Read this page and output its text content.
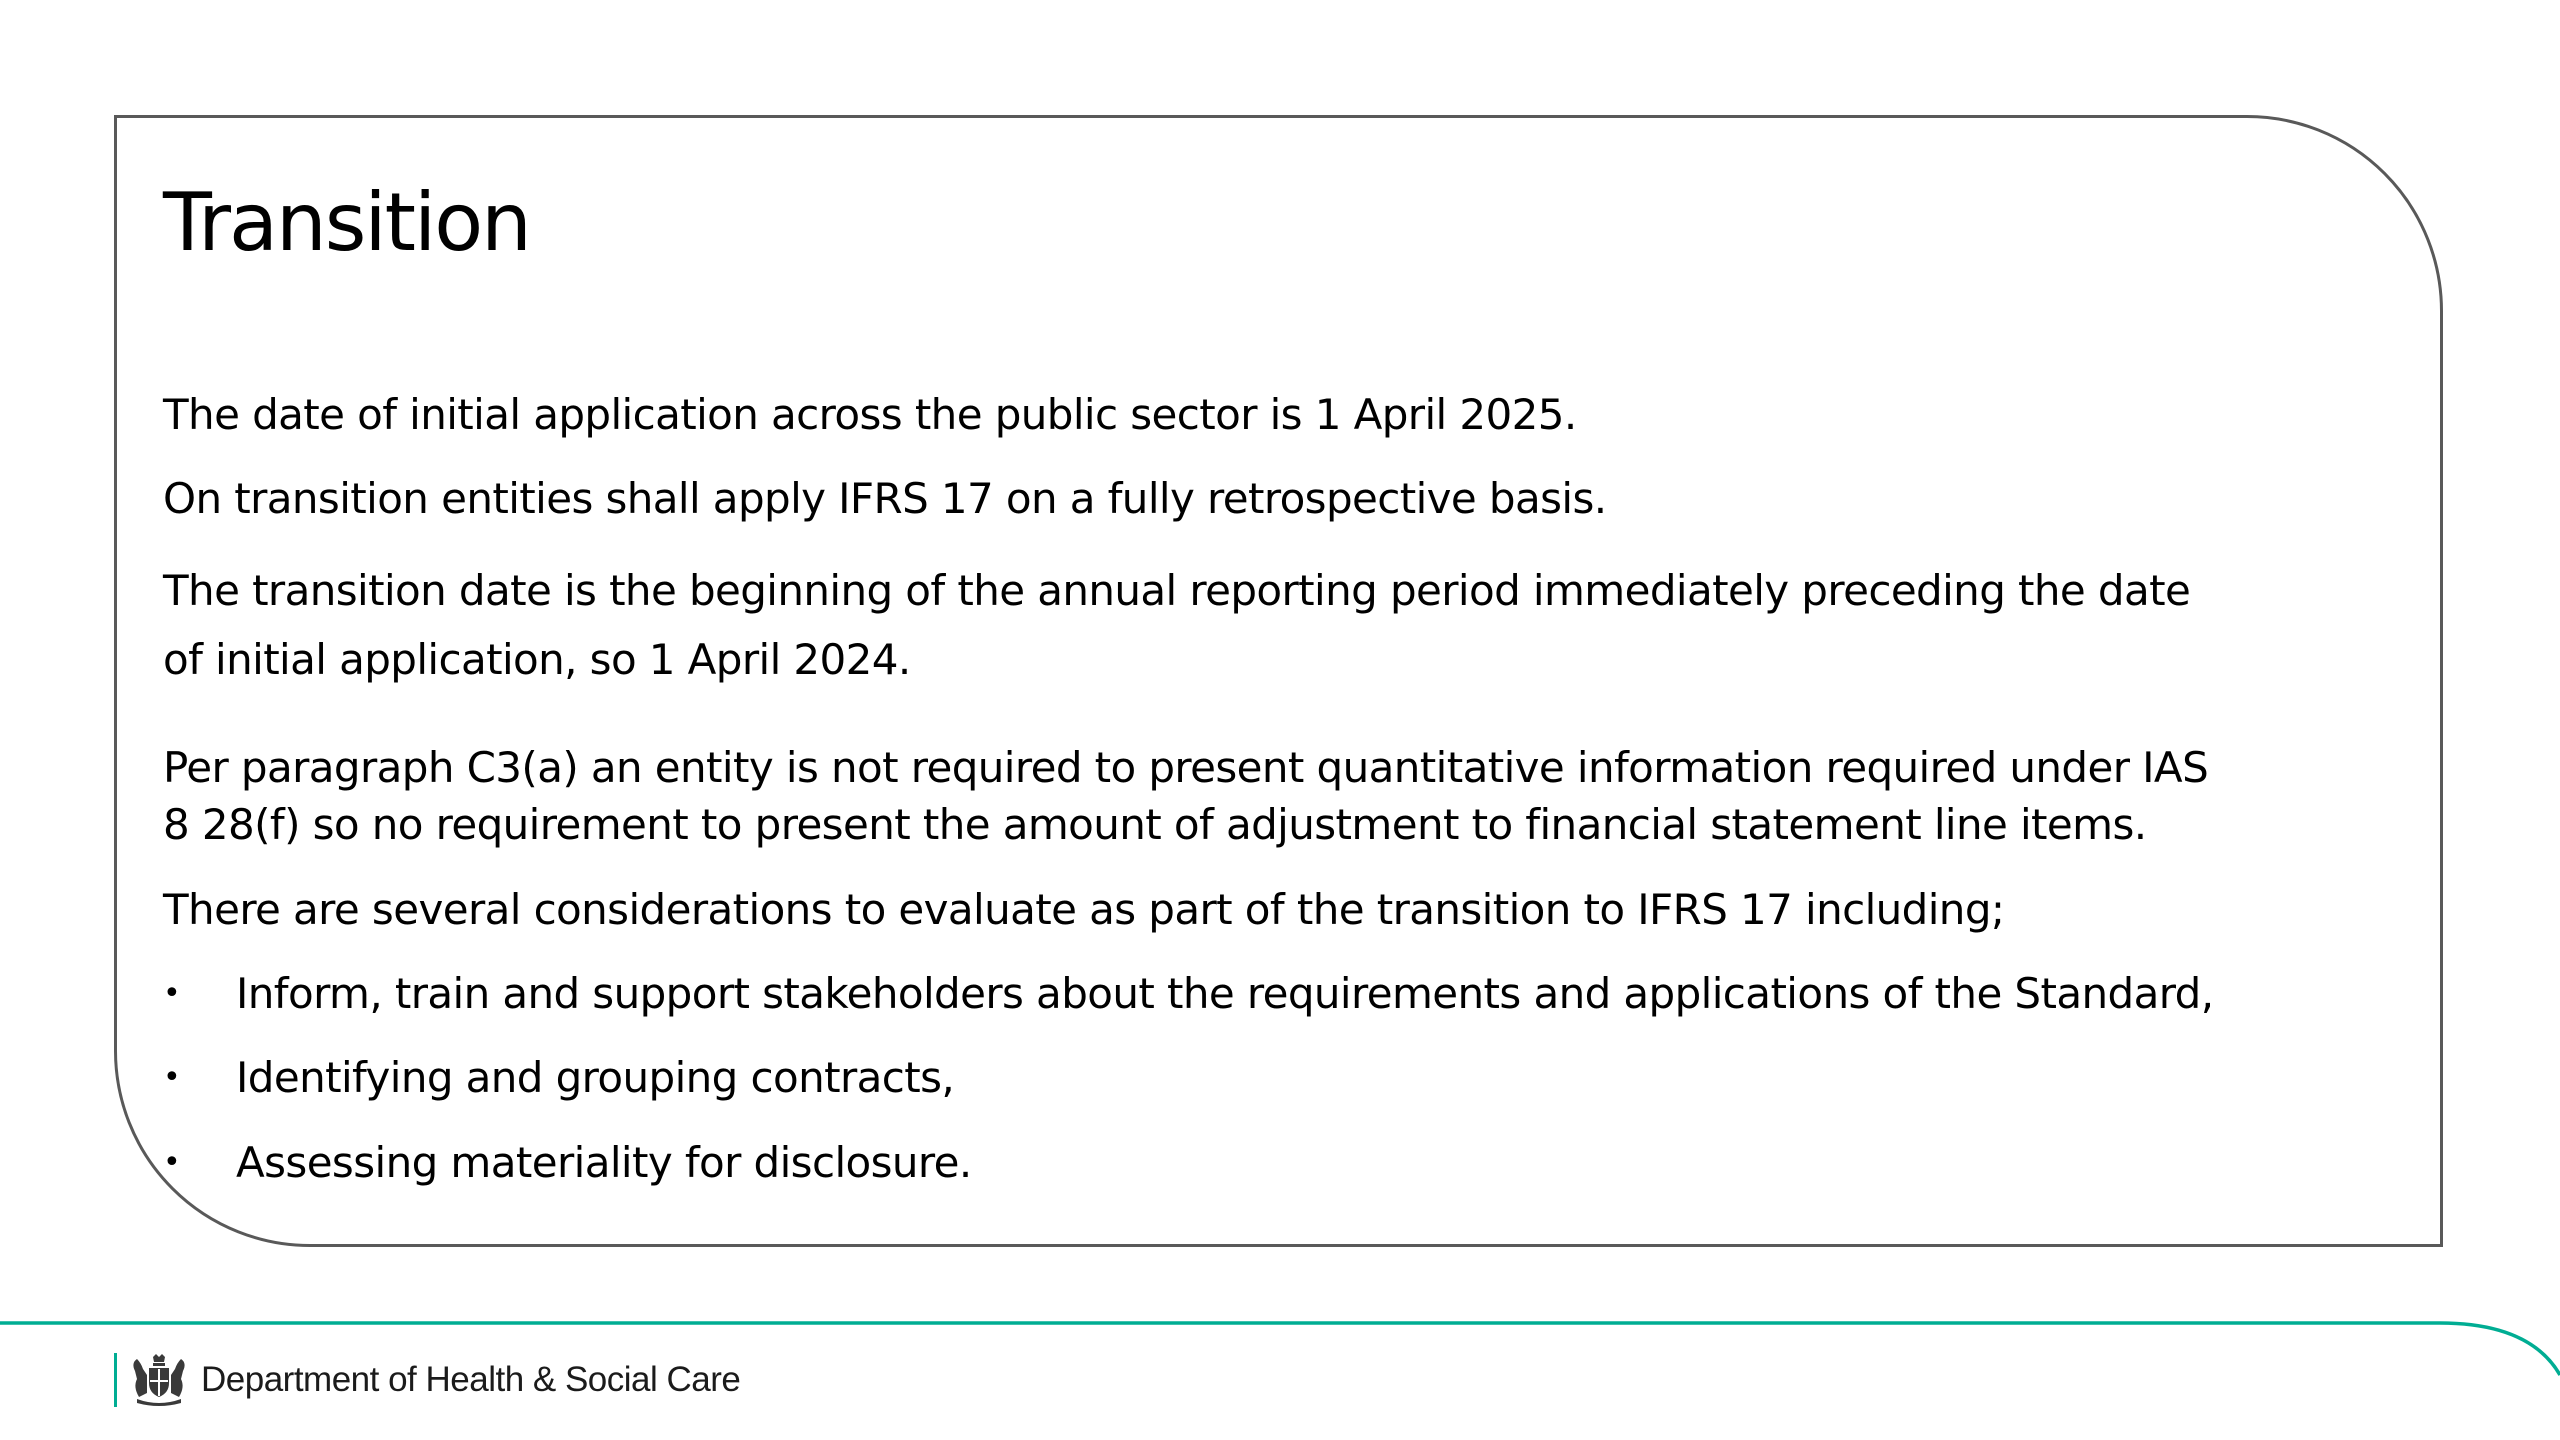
Transition

The date of initial application across the public sector is 1 April 2025.

On transition entities shall apply IFRS 17 on a fully retrospective basis.

The transition date is the beginning of the annual reporting period immediately preceding the date

of initial application, so 1 April 2024.

Per paragraph C3(a) an entity is not required to present quantitative information required under IAS

8 28(f) so no requirement to present the amount of adjustment to financial statement line items.

There are several considerations to evaluate as part of the transition to IFRS 17 including;

• Inform, train and support stakeholders about the requirements and applications of the Standard,
• Identifying and grouping contracts,
• Assessing materiality for disclosure.
Department of Health & Social Care
